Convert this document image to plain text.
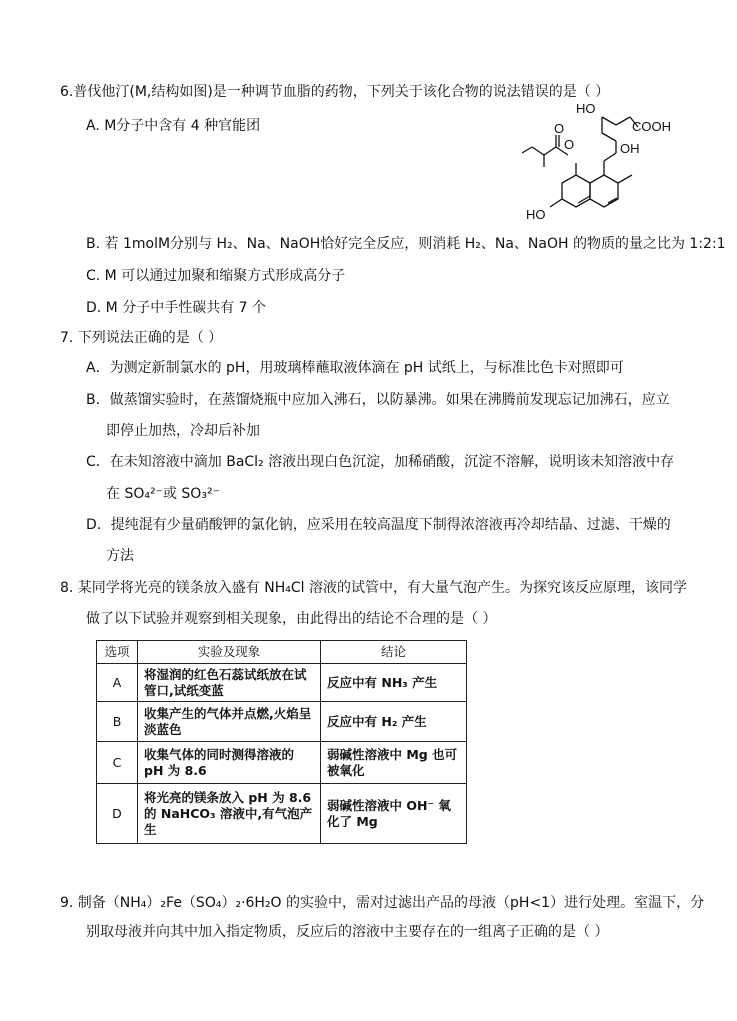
6.普伐他汀(M,结构如图)是一种调节血脂的药物，下列关于该化合物的说法错误的是（ ）
A. M分子中含有 4 种官能团
O
O	COOH
HO
OH
HO
B. 若 1molM分别与 H₂、Na、NaOH恰好完全反应，则消耗 H₂、Na、NaOH 的物质的量之比为 1:2:1
C. M 可以通过加聚和缩聚方式形成高分子
D. M 分子中手性碳共有 7 个
7. 下列说法正确的是（ ）
A．为测定新制氯水的 pH，用玻璃棒蘸取液体滴在 pH 试纸上，与标准比色卡对照即可
B．做蒸馏实验时，在蒸馏烧瓶中应加入沸石，以防暴沸。如果在沸腾前发现忘记加沸石，应立
即停止加热，冷却后补加
C．在未知溶液中滴加 BaCl₂ 溶液出现白色沉淀，加稀硝酸，沉淀不溶解，说明该未知溶液中存
在 SO₄²⁻或 SO₃²⁻
D．提纯混有少量硝酸钾的氯化钠，应采用在较高温度下制得浓溶液再冷却结晶、过滤、干燥的
方法
8. 某同学将光亮的镁条放入盛有 NH₄Cl 溶液的试管中，有大量气泡产生。为探究该反应原理，该同学
做了以下试验并观察到相关现象，由此得出的结论不合理的是（ ）
选项	实验及现象	结论
A	将湿润的红色石蕊试纸放在试管口,试纸变蓝	反应中有 NH₃ 产生
B	收集产生的气体并点燃,火焰呈淡蓝色	反应中有 H₂ 产生
C	收集气体的同时测得溶液的 pH 为 8.6	弱碱性溶液中 Mg 也可被氧化
D	将光亮的镁条放入 pH 为 8.6 的 NaHCO₃ 溶液中,有气泡产生	弱碱性溶液中 OH⁻ 氧化了 Mg
9. 制备（NH₄）₂Fe（SO₄）₂·6H₂O 的实验中，需对过滤出产品的母液（pH<1）进行处理。室温下，分
别取母液并向其中加入指定物质，反应后的溶液中主要存在的一组离子正确的是（ ）
